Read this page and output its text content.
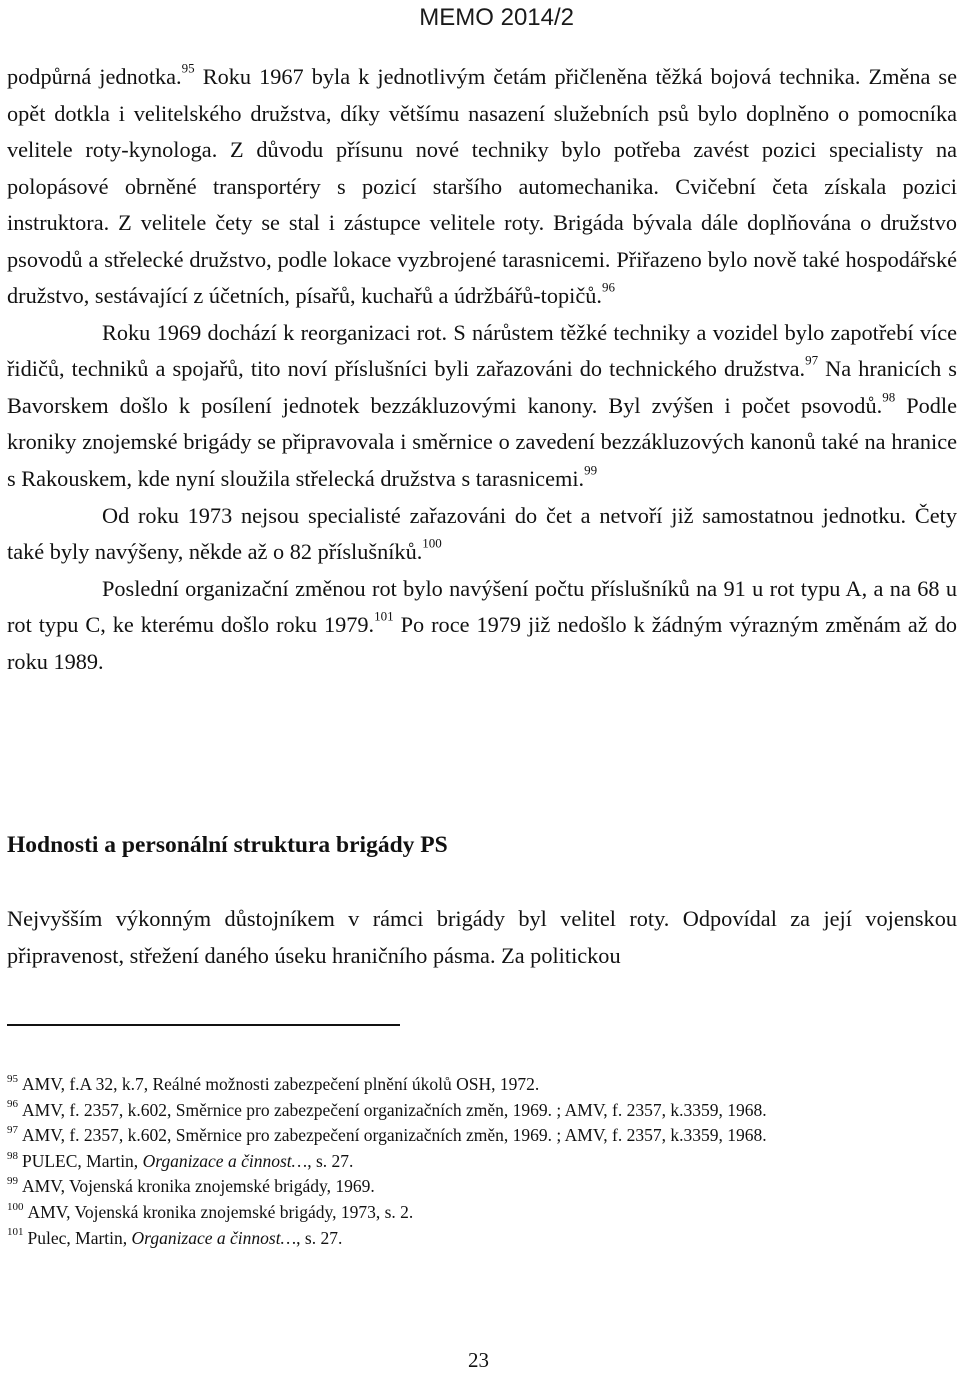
MEMO 2014/2

podpůrná jednotka.$^{95}$ Roku 1967 byla k jednotlivým četám přičleněna těžká bojová technika. Změna se opět dotkla i velitelského družstva, díky většímu nasazení služebních psů bylo doplněno o pomocníka velitele roty-kynologa. Z důvodu přísunu nové techniky bylo potřeba zavést pozici specialisty na polopásové obrněné transportéry s pozicí staršího automechanika. Cvičební četa získala pozici instruktora. Z velitele čety se stal i zástupce velitele roty. Brigáda bývala dále doplňována o družstvo psovodů a střelecké družstvo, podle lokace vyzbrojené tarasnicemi. Přiřazeno bylo nově také hospodářské družstvo, sestávající z účetních, písařů, kuchařů a údržbářů-topičů.$^{96}$

Roku 1969 dochází k reorganizaci rot. S nárůstem těžké techniky a vozidel bylo zapotřebí více řidičů, techniků a spojařů, tito noví příslušníci byli zařazováni do technického družstva.$^{97}$ Na hranicích s Bavorskem došlo k posílení jednotek bezzákluzovými kanony. Byl zvýšen i počet psovodů.$^{98}$ Podle kroniky znojemské brigády se připravovala i směrnice o zavedení bezzákluzových kanonů také na hranice s Rakouskem, kde nyní sloužila střelecká družstva s tarasnicemi.$^{99}$

Od roku 1973 nejsou specialisté zařazováni do čet a netvoří již samostatnou jednotku. Čety také byly navýšeny, někde až o 82 příslušníků.$^{100}$

Poslední organizační změnou rot bylo navýšení počtu příslušníků na 91 u rot typu A, a na 68 u rot typu C, ke kterému došlo roku 1979.$^{101}$ Po roce 1979 již nedošlo k žádným výrazným změnám až do roku 1989.

Hodnosti a personální struktura brigády PS

Nejvyšším výkonným důstojníkem v rámci brigády byl velitel roty. Odpovídal za její vojenskou připravenost, střežení daného úseku hraničního pásma. Za politickou

$^{95}$ AMV, f.A 32, k.7, Reálné možnosti zabezpečení plnění úkolů OSH, 1972.

$^{96}$ AMV, f. 2357, k.602, Směrnice pro zabezpečení organizačních změn, 1969. ; AMV, f. 2357, k.3359, 1968.

$^{97}$ AMV, f. 2357, k.602, Směrnice pro zabezpečení organizačních změn, 1969. ; AMV, f. 2357, k.3359, 1968.

$^{98}$ PULEC, Martin, Organizace a činnost…, s. 27.

$^{99}$ AMV, Vojenská kronika znojemské brigády, 1969.

$^{100}$ AMV, Vojenská kronika znojemské brigády, 1973, s. 2.

$^{101}$ Pulec, Martin, Organizace a činnost…, s. 27.

23
